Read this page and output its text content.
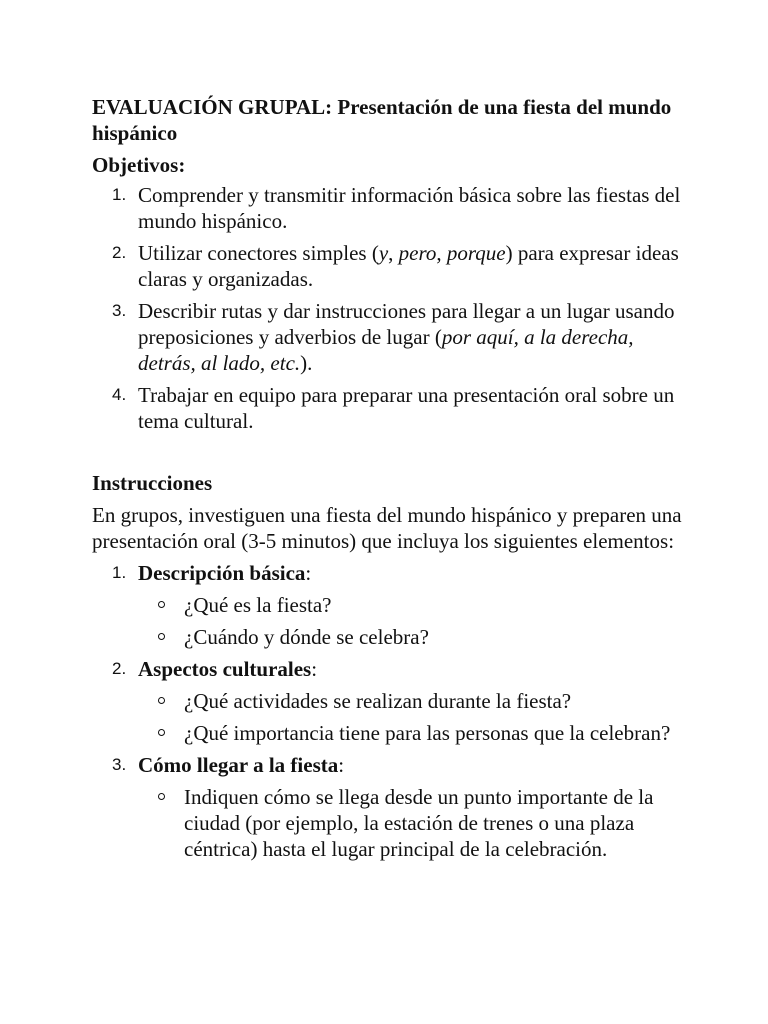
EVALUACIÓN GRUPAL: Presentación de una fiesta del mundo hispánico
Objetivos:
1. Comprender y transmitir información básica sobre las fiestas del mundo hispánico.
2. Utilizar conectores simples (y, pero, porque) para expresar ideas claras y organizadas.
3. Describir rutas y dar instrucciones para llegar a un lugar usando preposiciones y adverbios de lugar (por aquí, a la derecha, detrás, al lado, etc.).
4. Trabajar en equipo para preparar una presentación oral sobre un tema cultural.
Instrucciones

En grupos, investiguen una fiesta del mundo hispánico y preparen una presentación oral (3-5 minutos) que incluya los siguientes elementos:

1. Descripción básica:
¿Qué es la fiesta?
¿Cuándo y dónde se celebra?
2. Aspectos culturales:
¿Qué actividades se realizan durante la fiesta?
¿Qué importancia tiene para las personas que la celebran?
3. Cómo llegar a la fiesta:
Indiquen cómo se llega desde un punto importante de la ciudad (por ejemplo, la estación de trenes o una plaza céntrica) hasta el lugar principal de la celebración.
